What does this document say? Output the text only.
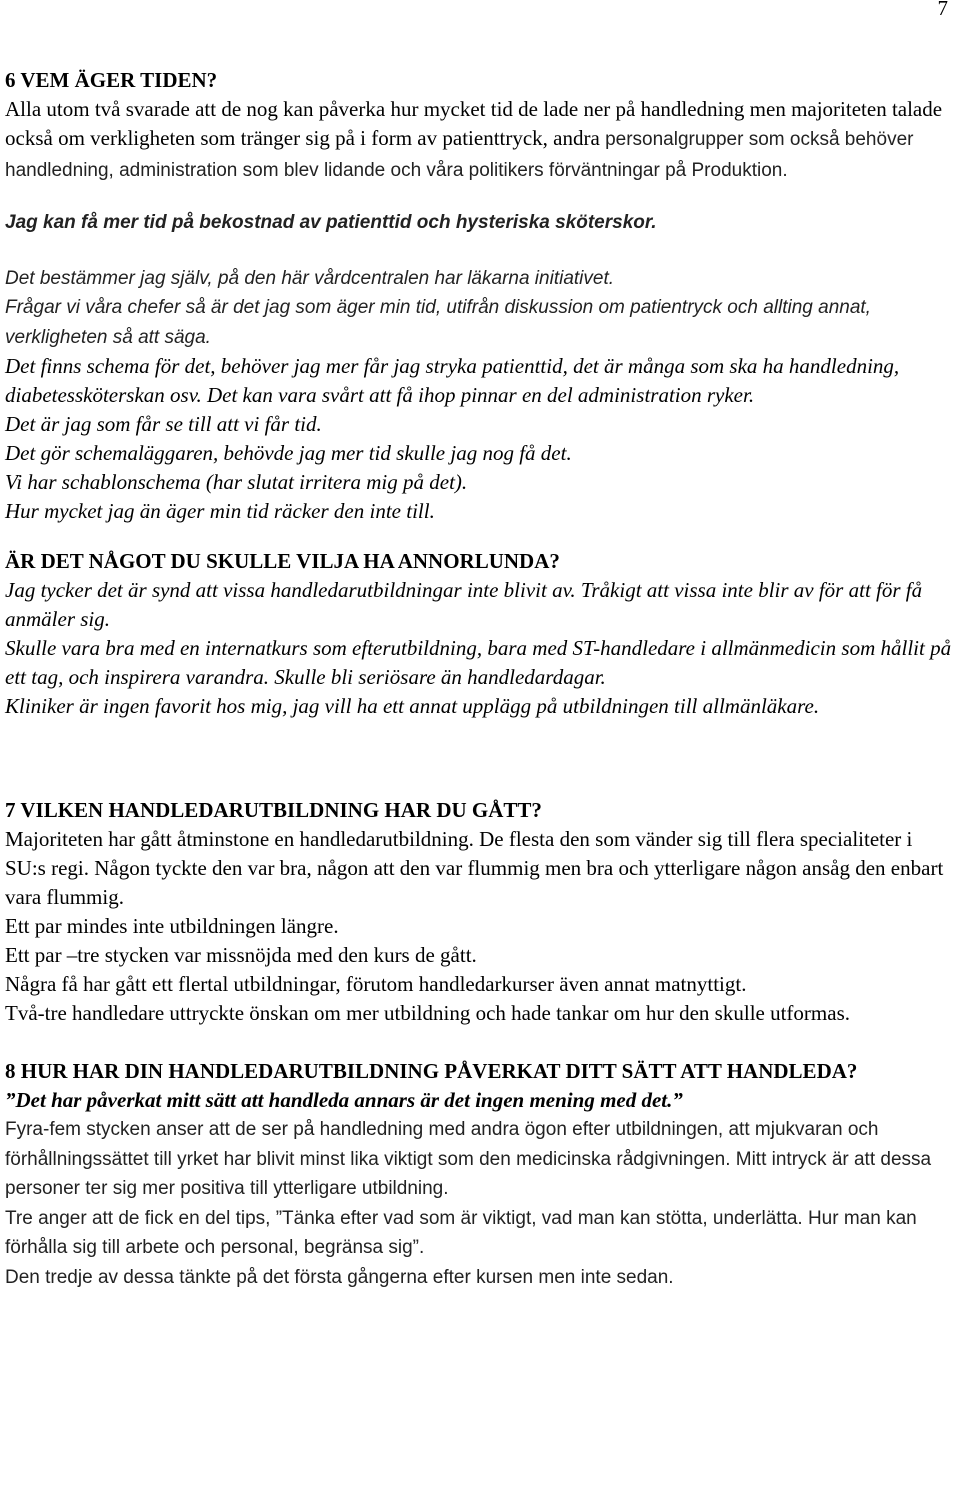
7

6 VEM ÄGER TIDEN?

Alla utom två svarade att de nog kan påverka hur mycket tid de lade ner på handledning men majoriteten talade också om verkligheten som tränger sig på i form av patienttryck, andra personalgrupper som också behöver handledning, administration som blev lidande och våra politikers förväntningar på Produktion.

Jag kan få mer tid på bekostnad av patienttid och hysteriska sköterskor.

Det bestämmer jag själv, på den här vårdcentralen har läkarna initiativet.

Frågar vi våra chefer så är det jag som äger min tid, utifrån diskussion om patientryck och allting annat, verkligheten så att säga.

Det finns schema för det, behöver jag mer får jag stryka patienttid, det är många som ska ha handledning, diabetessköterskan osv. Det kan vara svårt att få ihop pinnar en del administration ryker.

Det är jag som får se till att vi får tid.

Det gör schemaläggaren, behövde jag mer tid skulle jag nog få det.

Vi har schablonschema (har slutat irritera mig på det).

Hur mycket jag än äger min tid räcker den inte till.

ÄR DET NÅGOT DU SKULLE VILJA HA ANNORLUNDA?

Jag tycker det är synd att vissa handledarutbildningar inte blivit av. Tråkigt att vissa inte blir av för att för få anmäler sig.

Skulle vara bra med en internatkurs som efterutbildning, bara med ST-handledare i allmänmedicin som hållit på ett tag, och inspirera varandra. Skulle bli seriösare än handledardagar.

Kliniker är ingen favorit hos mig, jag vill ha ett annat upplägg på utbildningen till allmänläkare.

7 VILKEN HANDLEDARUTBILDNING HAR DU GÅTT?

Majoriteten har gått åtminstone en handledarutbildning. De flesta den som vänder sig till flera specialiteter i SU:s regi. Någon tyckte den var bra, någon att den var flummig men bra och ytterligare någon ansåg den enbart vara flummig.

Ett par mindes inte utbildningen längre.

Ett par –tre stycken var missnöjda med den kurs de gått.

Några få har gått ett flertal utbildningar, förutom handledarkurser även annat matnyttigt.

Två-tre handledare uttryckte önskan om mer utbildning och hade tankar om hur den skulle utformas.

8 HUR HAR DIN HANDLEDARUTBILDNING PÅVERKAT DITT SÄTT ATT HANDLEDA?

”Det har påverkat mitt sätt att handleda annars är det ingen mening med det.”

Fyra-fem stycken anser att de ser på handledning med andra ögon efter utbildningen, att mjukvaran och förhållningssättet till yrket har blivit minst lika viktigt som den medicinska rådgivningen. Mitt intryck är att dessa personer ter sig mer positiva till ytterligare utbildning.

Tre anger att de fick en del tips, ”Tänka efter vad som är viktigt, vad man kan stötta, underlätta. Hur man kan förhålla sig till arbete och personal, begränsa sig”.

Den tredje av dessa tänkte på det första gångerna efter kursen men inte sedan.
